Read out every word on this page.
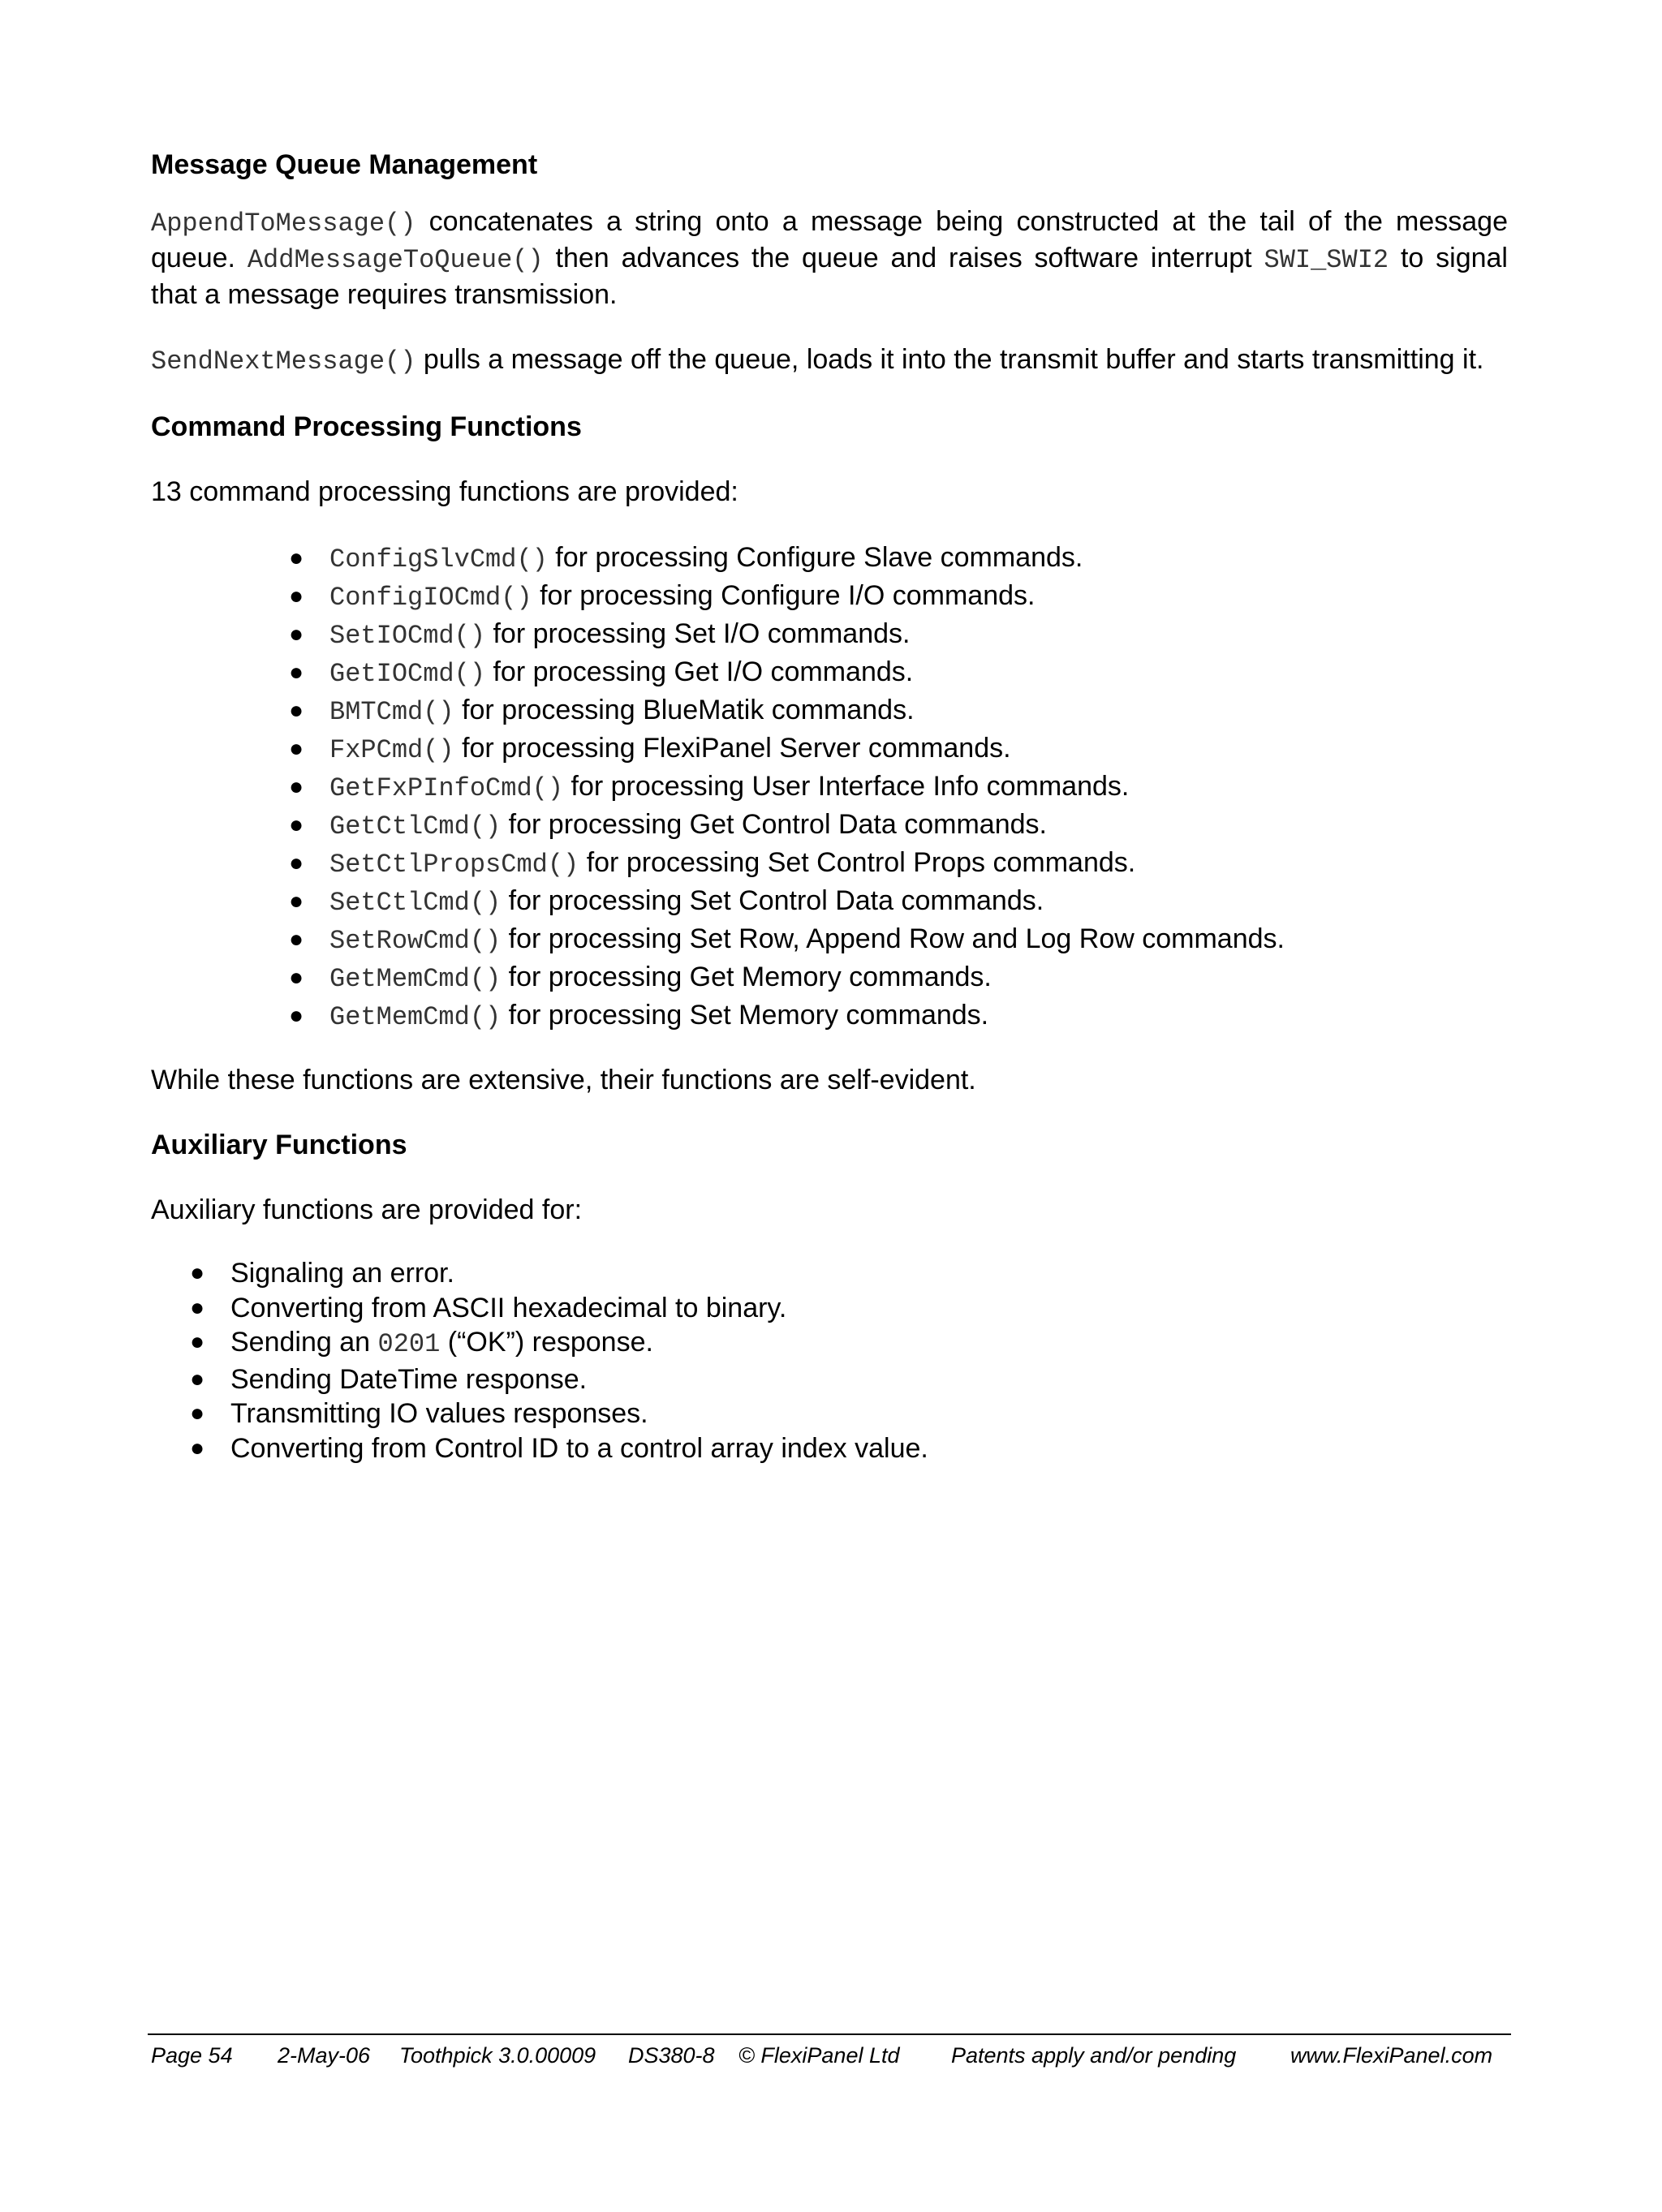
Message Queue Management

AppendToMessage() concatenates a string onto a message being constructed at the tail of the message queue. AddMessageToQueue() then advances the queue and raises software interrupt SWI_SWI2 to signal that a message requires transmission.

SendNextMessage() pulls a message off the queue, loads it into the transmit buffer and starts transmitting it.

Command Processing Functions

13 command processing functions are provided:

● ConfigSlvCmd() for processing Configure Slave commands.
● ConfigIOCmd() for processing Configure I/O commands.
● SetIOCmd() for processing Set I/O commands.
● GetIOCmd() for processing Get I/O commands.
● BMTCmd() for processing BlueMatik commands.
● FxPCmd() for processing FlexiPanel Server commands.
● GetFxPInfoCmd() for processing User Interface Info commands.
● GetCtlCmd() for processing Get Control Data commands.
● SetCtlPropsCmd() for processing Set Control Props commands.
● SetCtlCmd() for processing Set Control Data commands.
● SetRowCmd() for processing Set Row, Append Row and Log Row commands.
● GetMemCmd() for processing Get Memory commands.
● GetMemCmd() for processing Set Memory commands.

While these functions are extensive, their functions are self-evident.

Auxiliary Functions

Auxiliary functions are provided for:

● Signaling an error.
● Converting from ASCII hexadecimal to binary.
● Sending an 0201 (“OK”) response.
● Sending DateTime response.
● Transmitting IO values responses.
● Converting from Control ID to a control array index value.
Page 54 2-May-06 Toothpick 3.0.00009 DS380-8 © FlexiPanel Ltd Patents apply and/or pending www.FlexiPanel.com
